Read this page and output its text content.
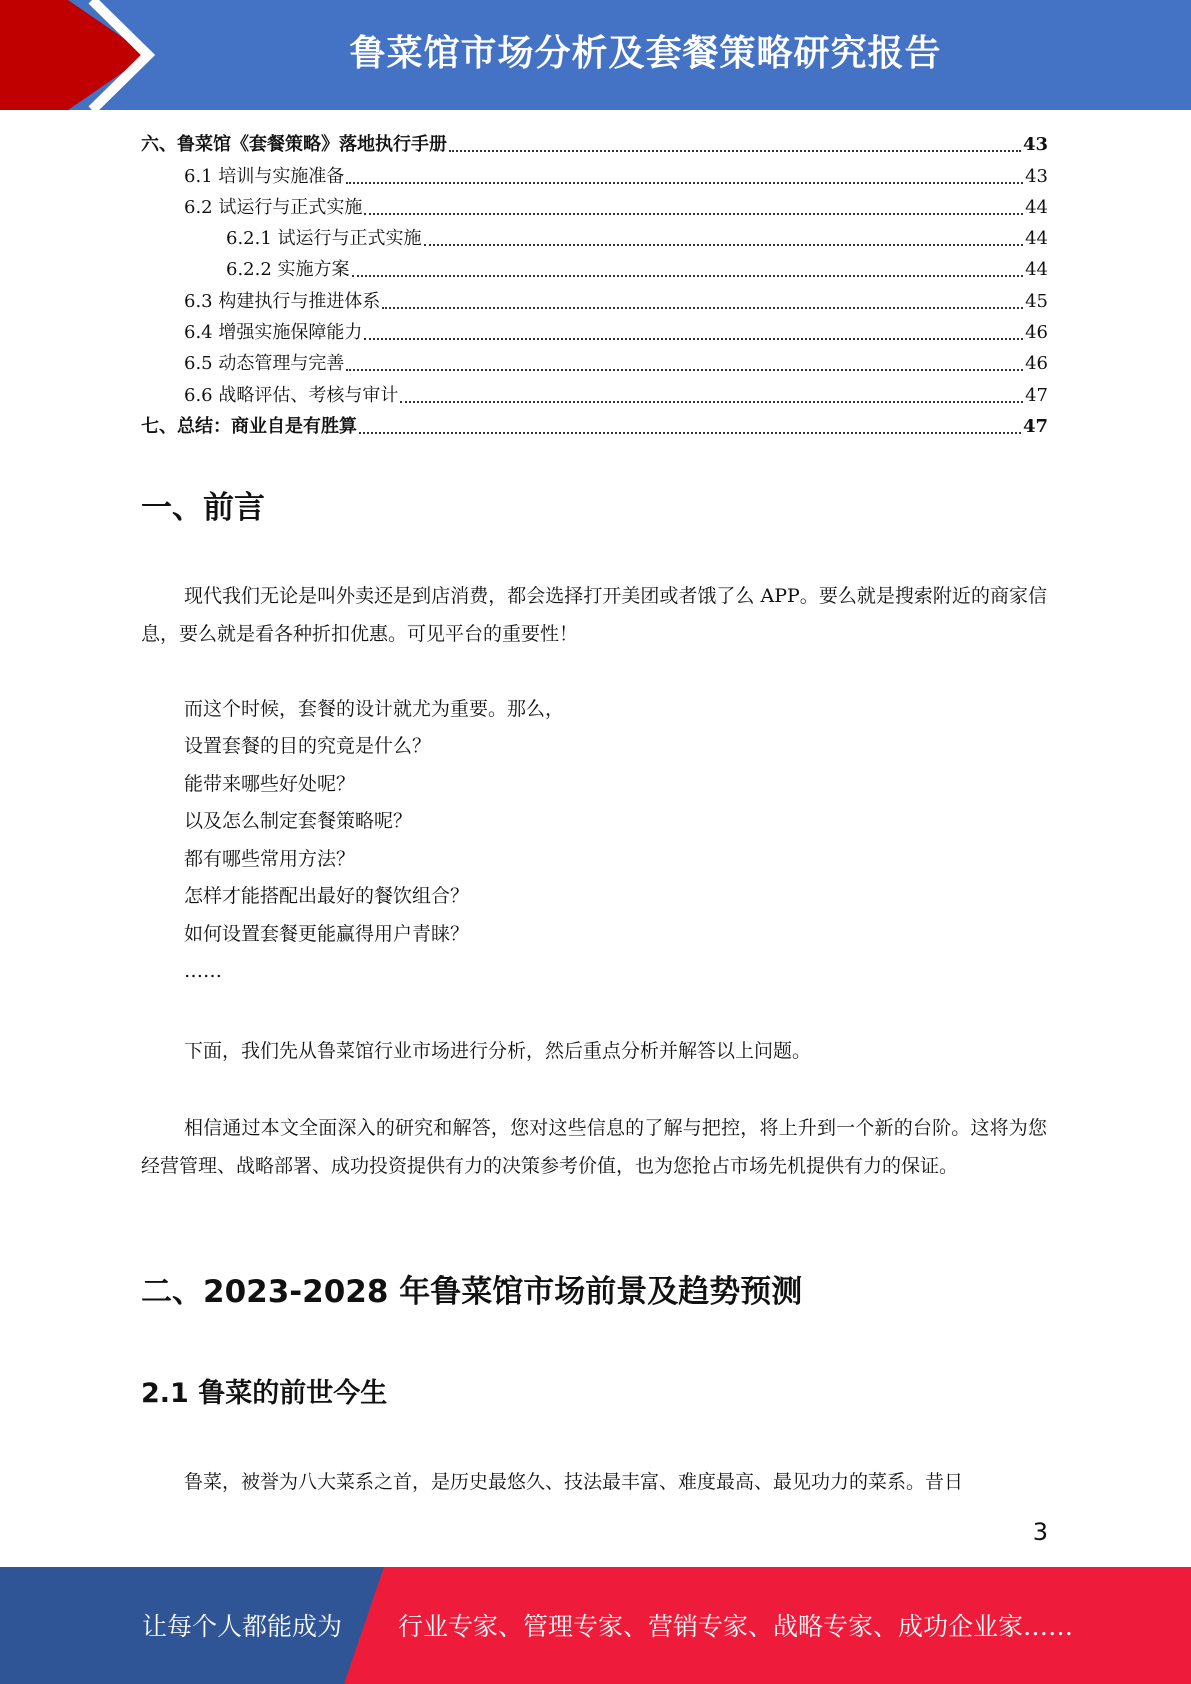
鲁菜馆市场分析及套餐策略研究报告
六、鲁菜馆《套餐策略》落地执行手册	43
6.1 培训与实施准备	43
6.2 试运行与正式实施	44
6.2.1 试运行与正式实施	44
6.2.2 实施方案	44
6.3 构建执行与推进体系	45
6.4 增强实施保障能力	46
6.5 动态管理与完善	46
6.6 战略评估、考核与审计	47
七、总结：商业自是有胜算	47
一、前言
现代我们无论是叫外卖还是到店消费，都会选择打开美团或者饿了么 APP。要么就是搜索附近的商家信息，要么就是看各种折扣优惠。可见平台的重要性！
而这个时候，套餐的设计就尤为重要。那么，
设置套餐的目的究竟是什么？
能带来哪些好处呢？
以及怎么制定套餐策略呢？
都有哪些常用方法？
怎样才能搭配出最好的餐饮组合？
如何设置套餐更能赢得用户青睐？
……
下面，我们先从鲁菜馆行业市场进行分析，然后重点分析并解答以上问题。
相信通过本文全面深入的研究和解答，您对这些信息的了解与把控，将上升到一个新的台阶。这将为您经营管理、战略部署、成功投资提供有力的决策参考价值，也为您抢占市场先机提供有力的保证。
二、2023-2028 年鲁菜馆市场前景及趋势预测
2.1 鲁菜的前世今生
鲁菜，被誉为八大菜系之首，是历史最悠久、技法最丰富、难度最高、最见功力的菜系。昔日
3
让每个人都能成为 行业专家、管理专家、营销专家、战略专家、成功企业家……
